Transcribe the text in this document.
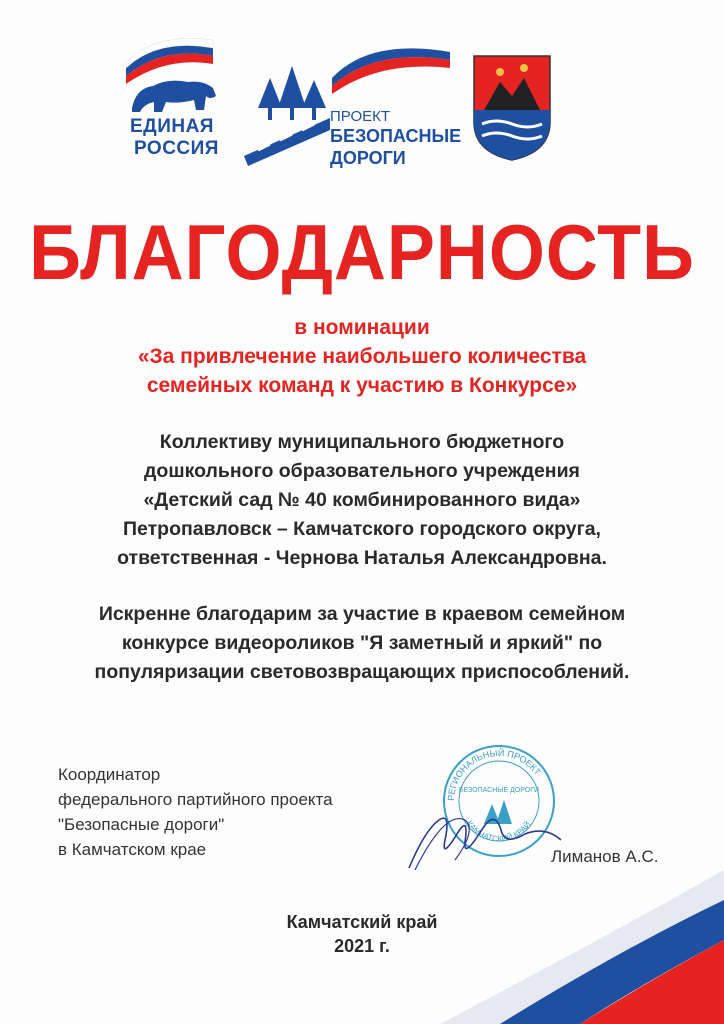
ЕДИНАЯ
РОССИЯ
ПРОЕКТ
БЕЗОПАСНЫЕ
ДОРОГИ
БЛАГОДАРНОСТЬ
в номинации
«За привлечение наибольшего количества
семейных команд к участию в Конкурсе»
Коллективу муниципального бюджетного
дошкольного образовательного учреждения
«Детский сад № 40 комбинированного вида»
Петропавловск – Камчатского городского округа,
ответственная - Чернова Наталья Александровна.
Искренне благодарим за участие в краевом семейном
конкурсе видеороликов "Я заметный и яркий" по
популяризации световозвращающих приспособлений.
Координатор
федерального партийного проекта
"Безопасные дороги"
в Камчатском крае
РЕГИОНАЛЬНЫЙ ПРОЕКТ
БЕЗОПАСНЫЕ ДОРОГИ
КАМЧАТСКИЙ КРАЙ
Лиманов А.С.
Камчатский край
2021 г.
